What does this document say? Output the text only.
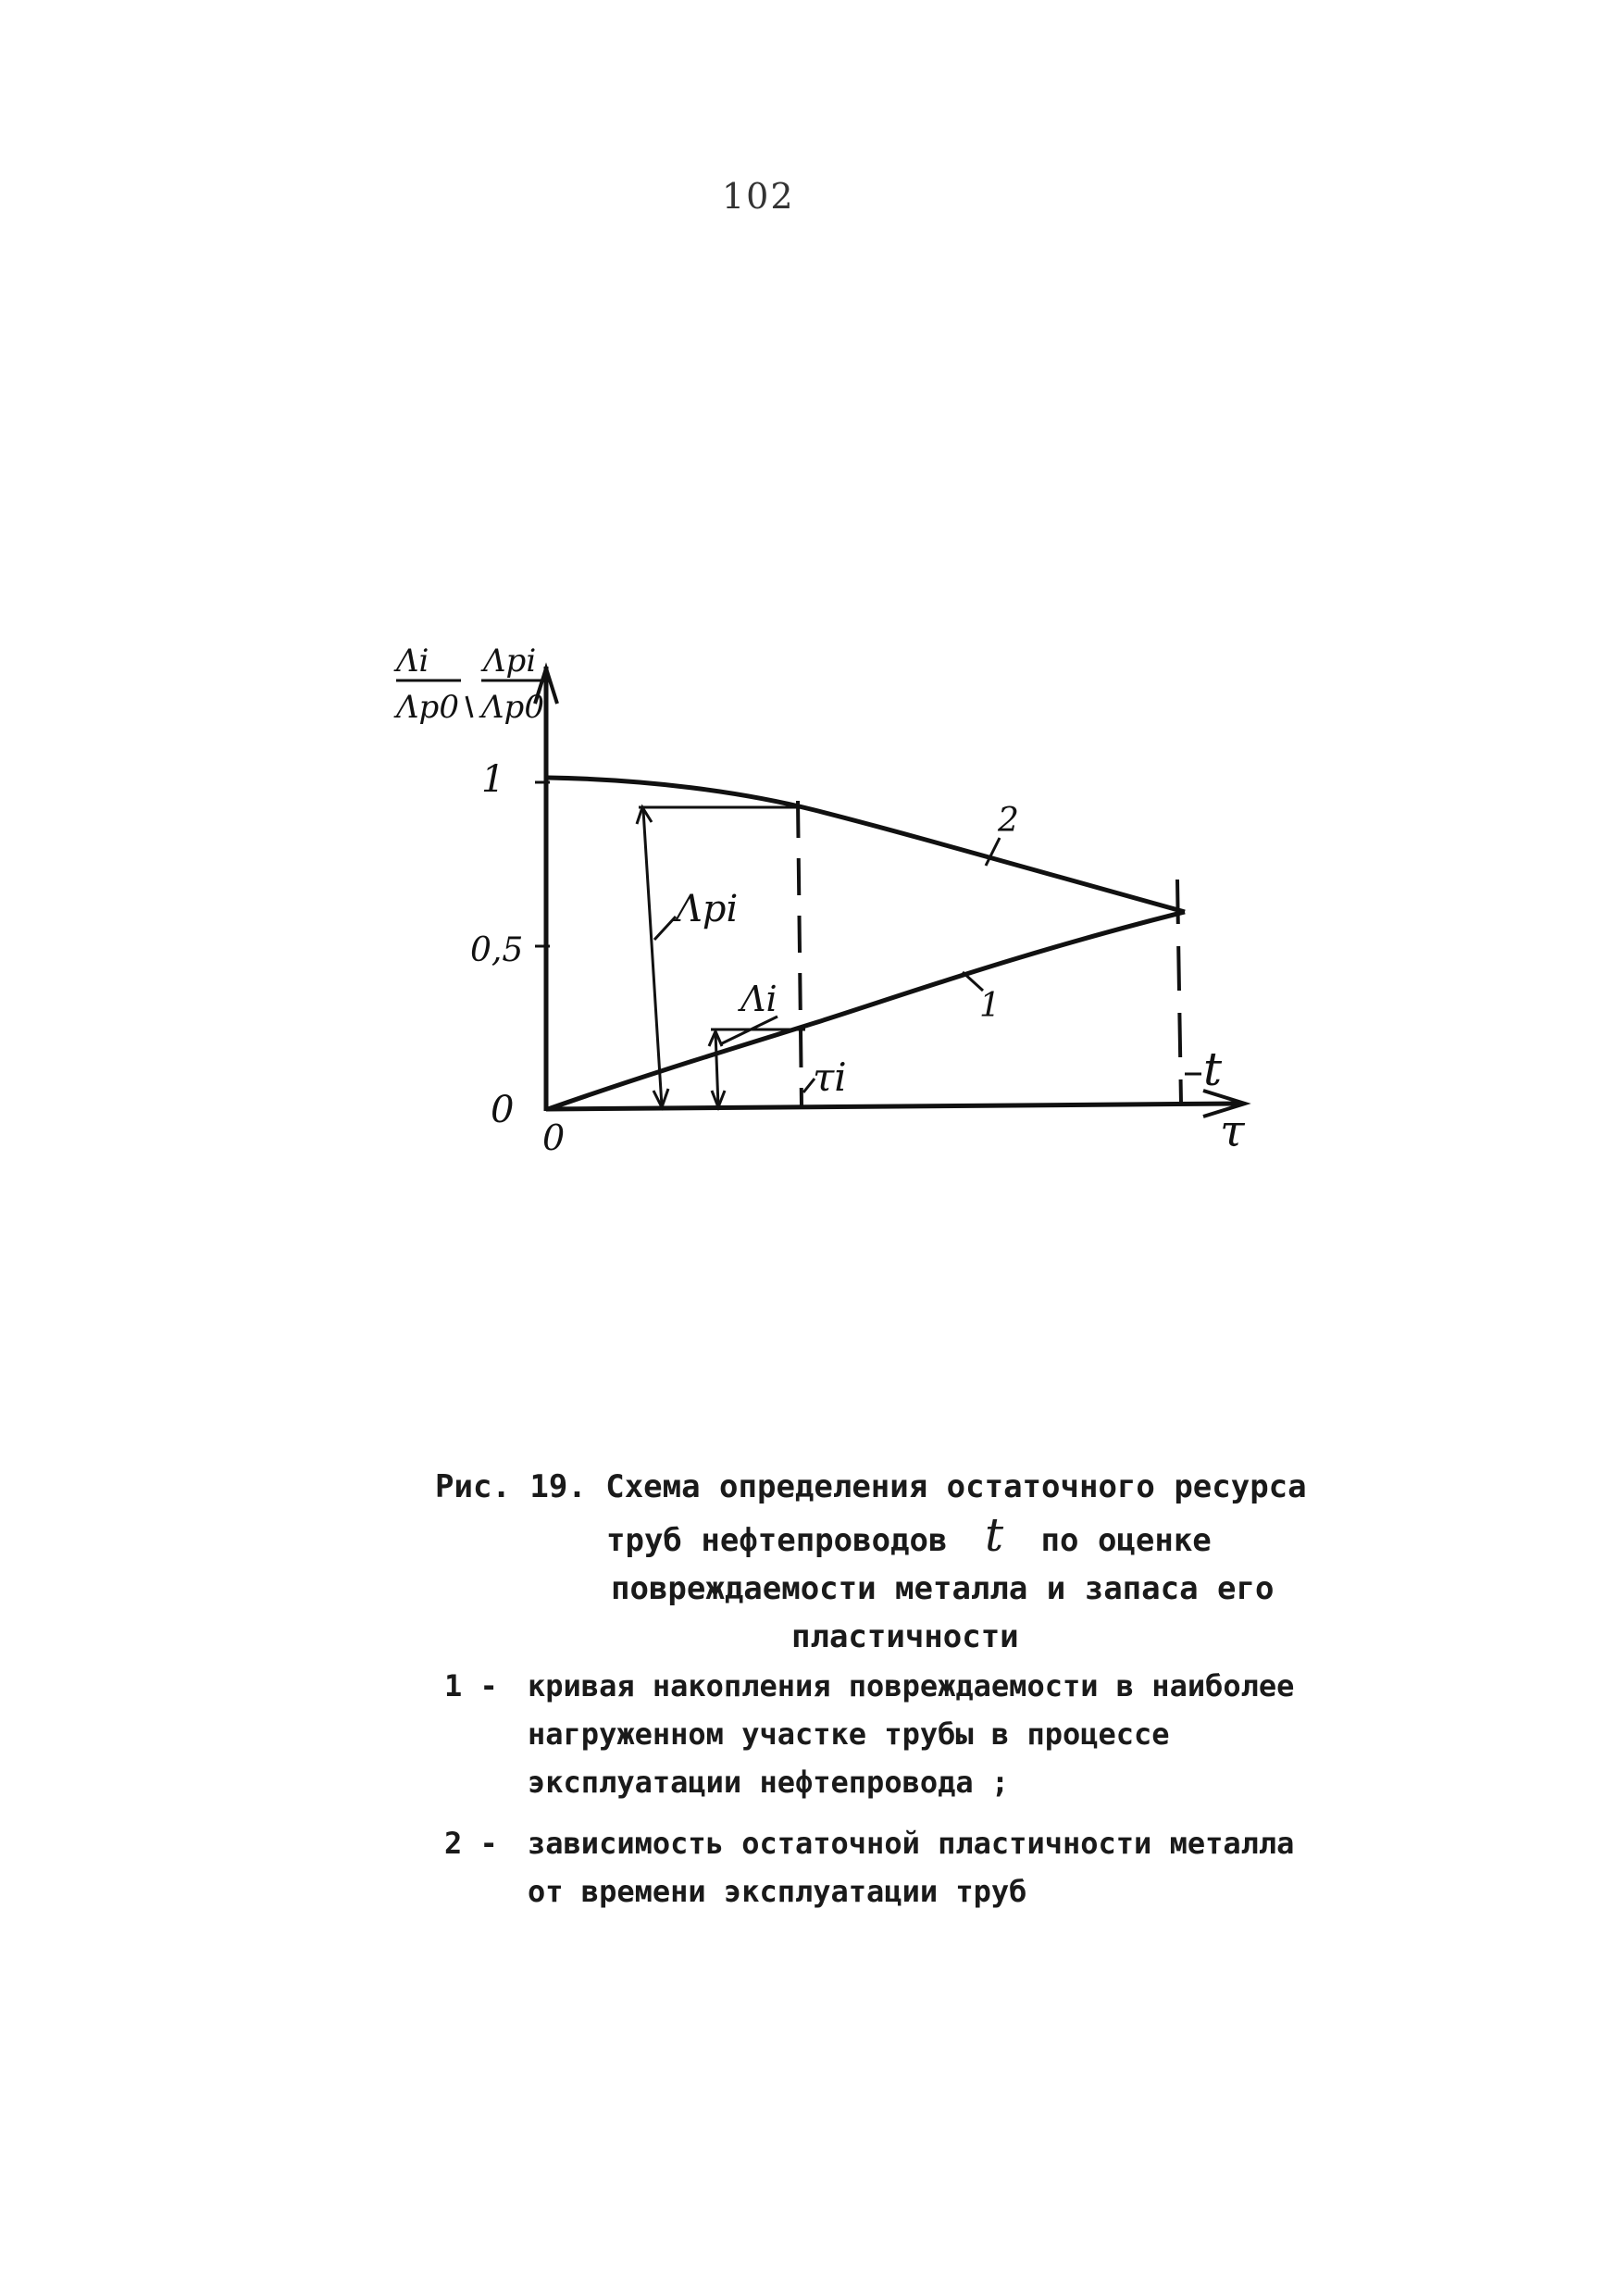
102
Λi
Λp0
Λpi
Λp0
1
0,5
0
0	τ
2
1
Λpi
Λi
τi	t
Рис. 19. Схема определения остаточного ресурса
труб нефтепроводов t по оценке
повреждаемости металла и запаса его
пластичности
1 -	кривая накопления повреждаемости в наиболее
нагруженном участке трубы в процессе
эксплуатации нефтепровода ;
2 -	зависимость остаточной пластичности металла
от времени эксплуатации труб
